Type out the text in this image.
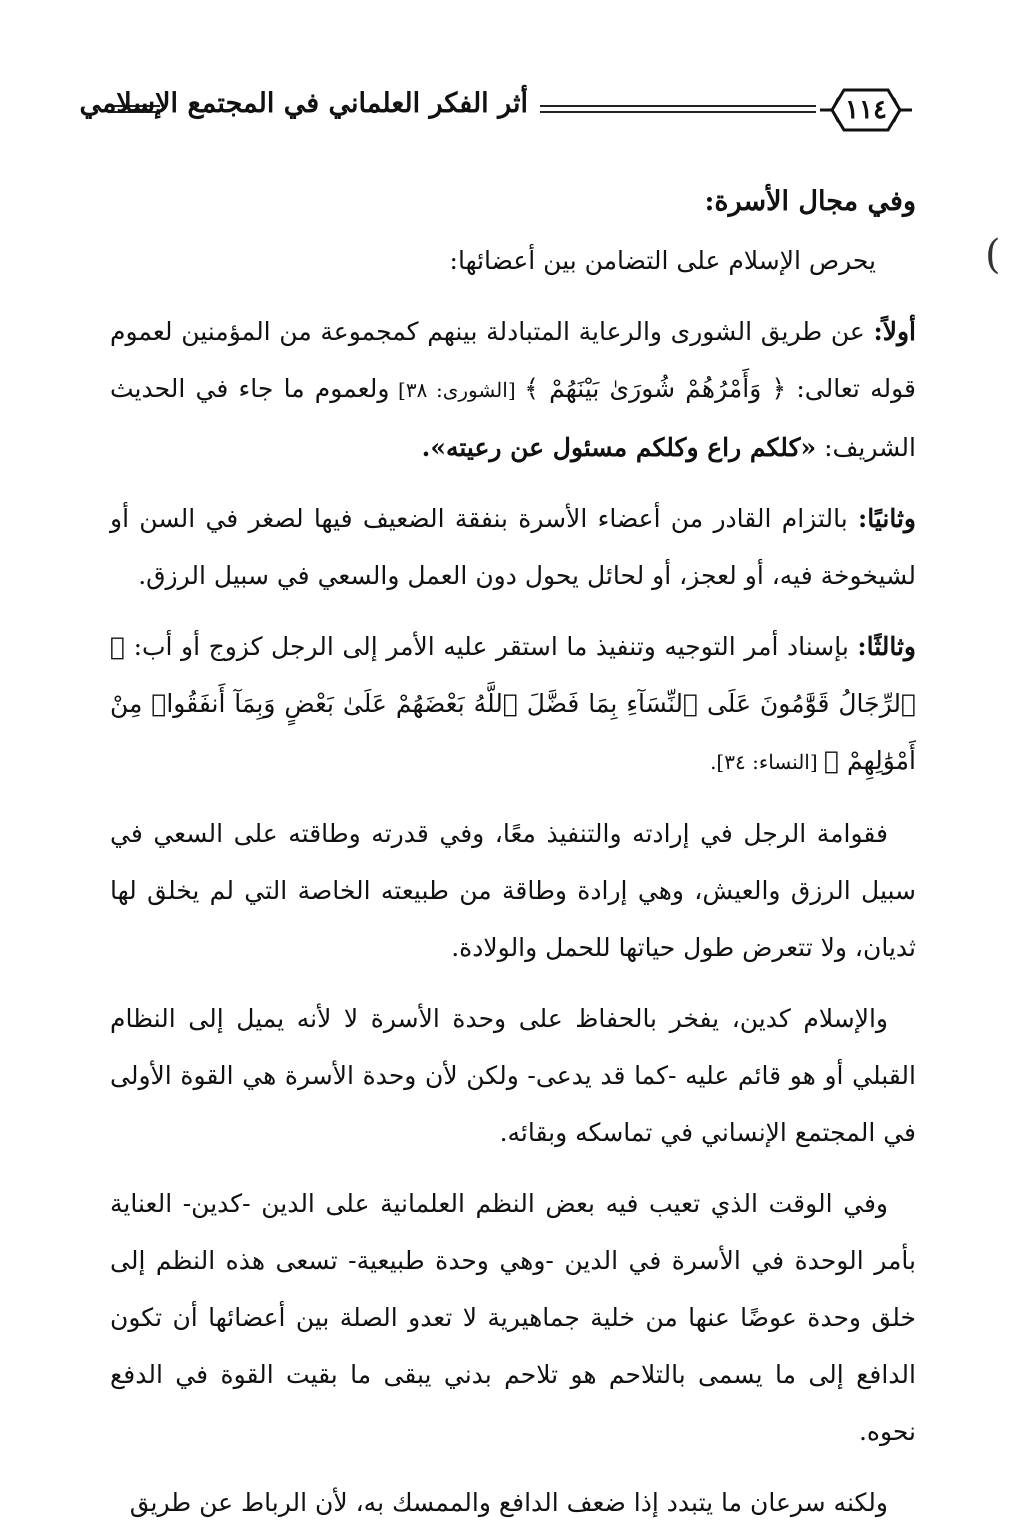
أثر الفكر العلماني في المجتمع الإسلامي	١١٤
(
وفي مجال الأسرة:

يحرص الإسلام على التضامن بين أعضائها:

أولاً: عن طريق الشورى والرعاية المتبادلة بينهم كمجموعة من المؤمنين لعموم قوله تعالى: ﴿ وَأَمْرُهُمْ شُورَىٰ بَيْنَهُمْ ﴾ [الشورى: ٣٨] ولعموم ما جاء في الحديث الشريف: «كلكم راع وكلكم مسئول عن رعيته».

وثانيًا: بالتزام القادر من أعضاء الأسرة بنفقة الضعيف فيها لصغر في السن أو لشيخوخة فيه، أو لعجز، أو لحائل يحول دون العمل والسعي في سبيل الرزق.

وثالثًا: بإسناد أمر التوجيه وتنفيذ ما استقر عليه الأمر إلى الرجل كزوج أو أب: ﴿ ٱلرِّجَالُ قَوَّٰمُونَ عَلَى ٱلنِّسَآءِ بِمَا فَضَّلَ ٱللَّهُ بَعْضَهُمْ عَلَىٰ بَعْضٍ وَبِمَآ أَنفَقُوا۟ مِنْ أَمْوَٰلِهِمْ ﴾ [النساء: ٣٤].

فقوامة الرجل في إرادته والتنفيذ معًا، وفي قدرته وطاقته على السعي في سبيل الرزق والعيش، وهي إرادة وطاقة من طبيعته الخاصة التي لم يخلق لها ثديان، ولا تتعرض طول حياتها للحمل والولادة.

والإسلام كدين، يفخر بالحفاظ على وحدة الأسرة لا لأنه يميل إلى النظام القبلي أو هو قائم عليه -كما قد يدعى- ولكن لأن وحدة الأسرة هي القوة الأولى في المجتمع الإنساني في تماسكه وبقائه.

وفي الوقت الذي تعيب فيه بعض النظم العلمانية على الدين -كدين- العناية بأمر الوحدة في الأسرة في الدين -وهي وحدة طبيعية- تسعى هذه النظم إلى خلق وحدة عوضًا عنها من خلية جماهيرية لا تعدو الصلة بين أعضائها أن تكون الدافع إلى ما يسمى بالتلاحم هو تلاحم بدني يبقى ما بقيت القوة في الدفع نحوه.

ولكنه سرعان ما يتبدد إذا ضعف الدافع والممسك به، لأن الرباط عن طريق
